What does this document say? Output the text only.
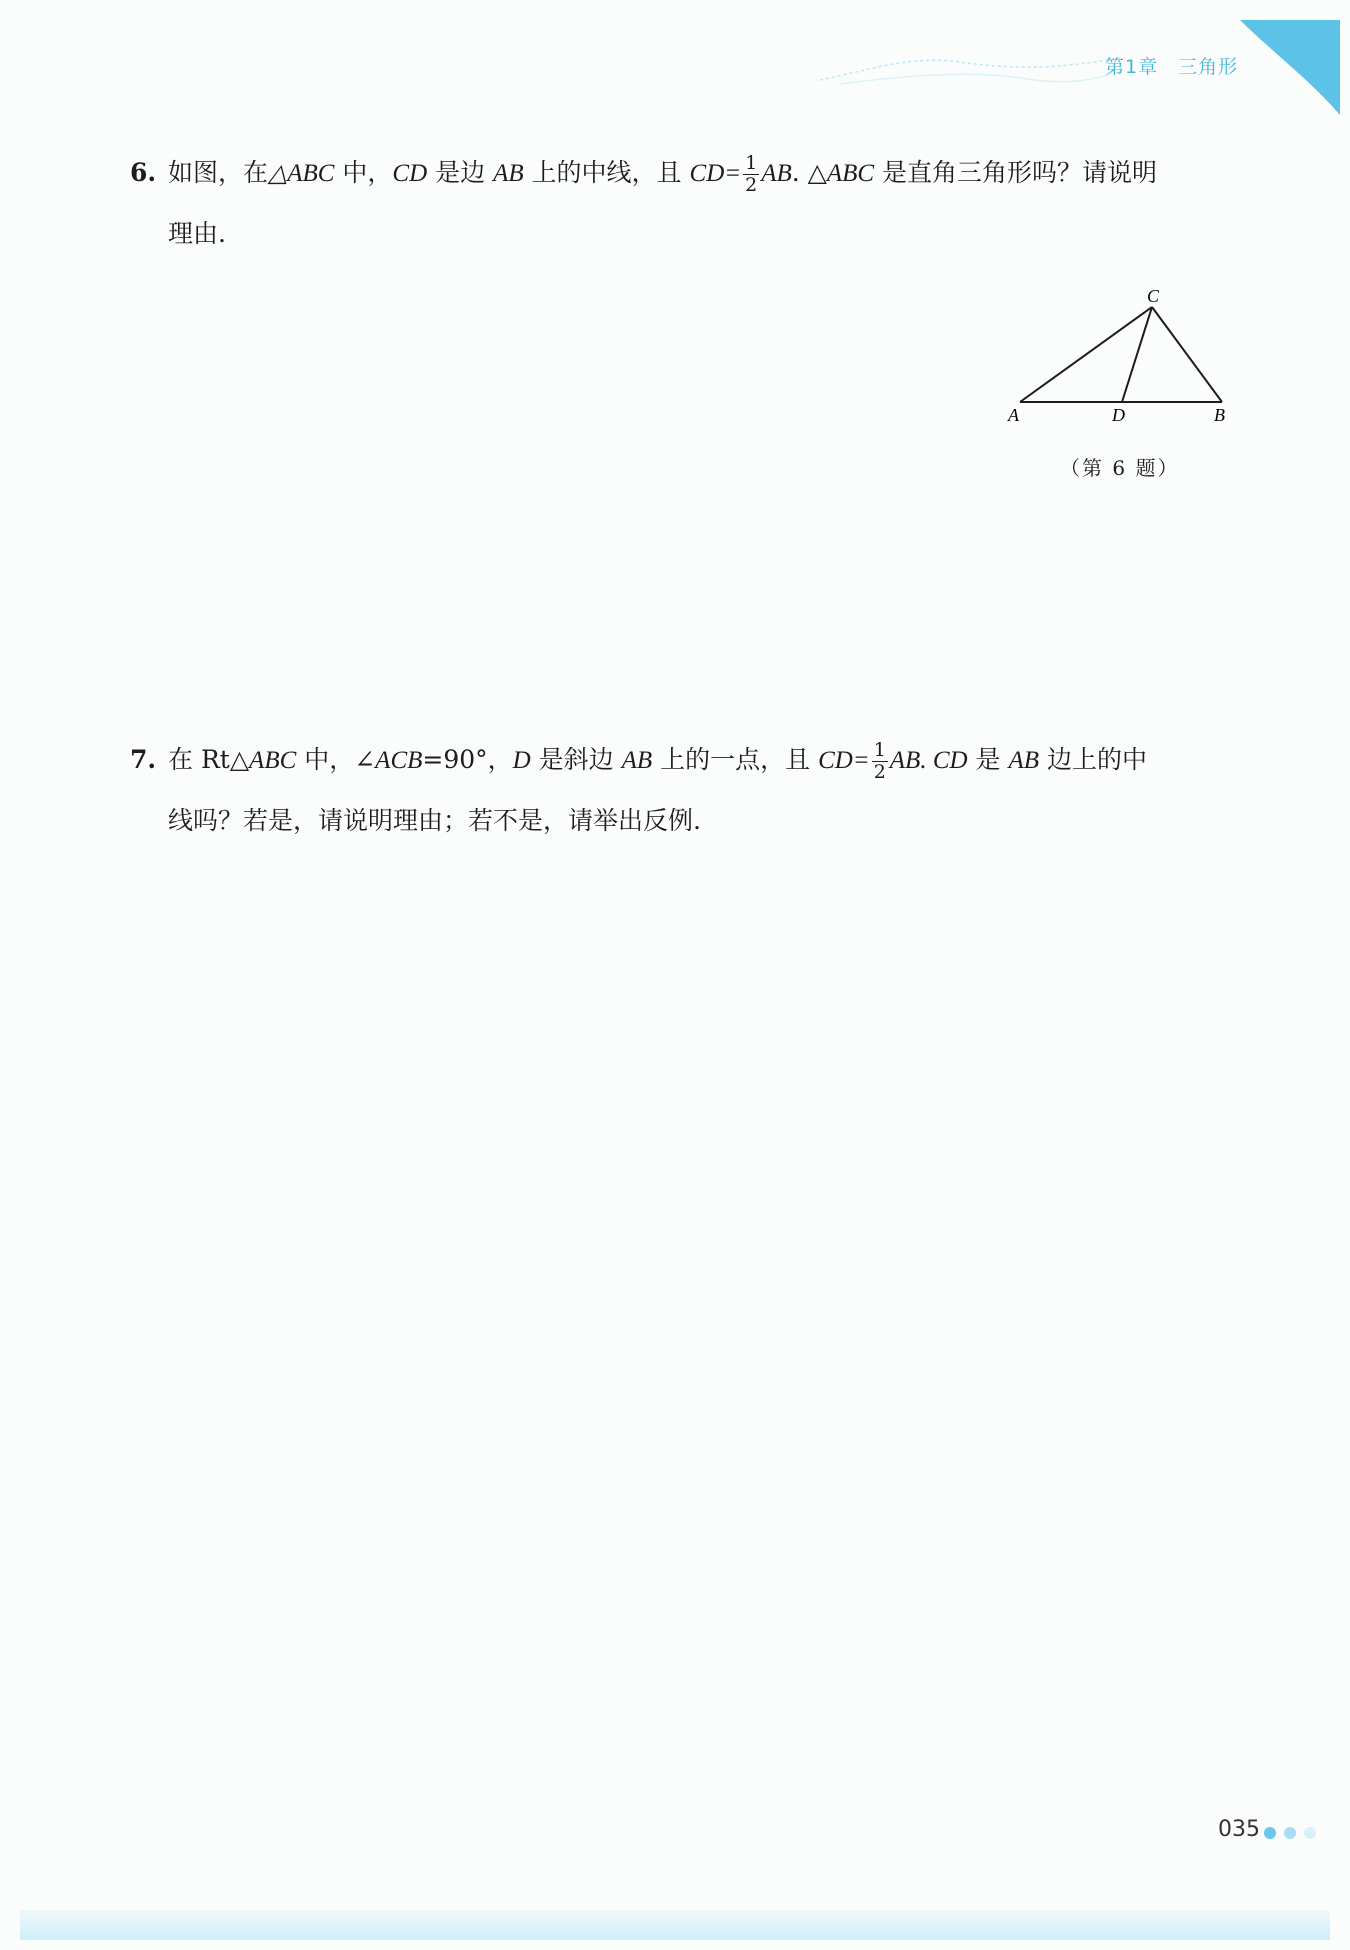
第1章 三角形
6. 如图，在△ABC 中，CD 是边 AB 上的中线，且 $CD= \frac{1}{2}$ AB. △ABC 是直角三角形吗？请说明
理由.
C
A	D	B
（第 6 题）
7. 在 Rt△ABC 中，∠ACB=90°，D 是斜边 AB 上的一点，且 $CD= \frac{1}{2}$ AB. CD 是 AB 边上的中
线吗？若是，请说明理由；若不是，请举出反例.
035
